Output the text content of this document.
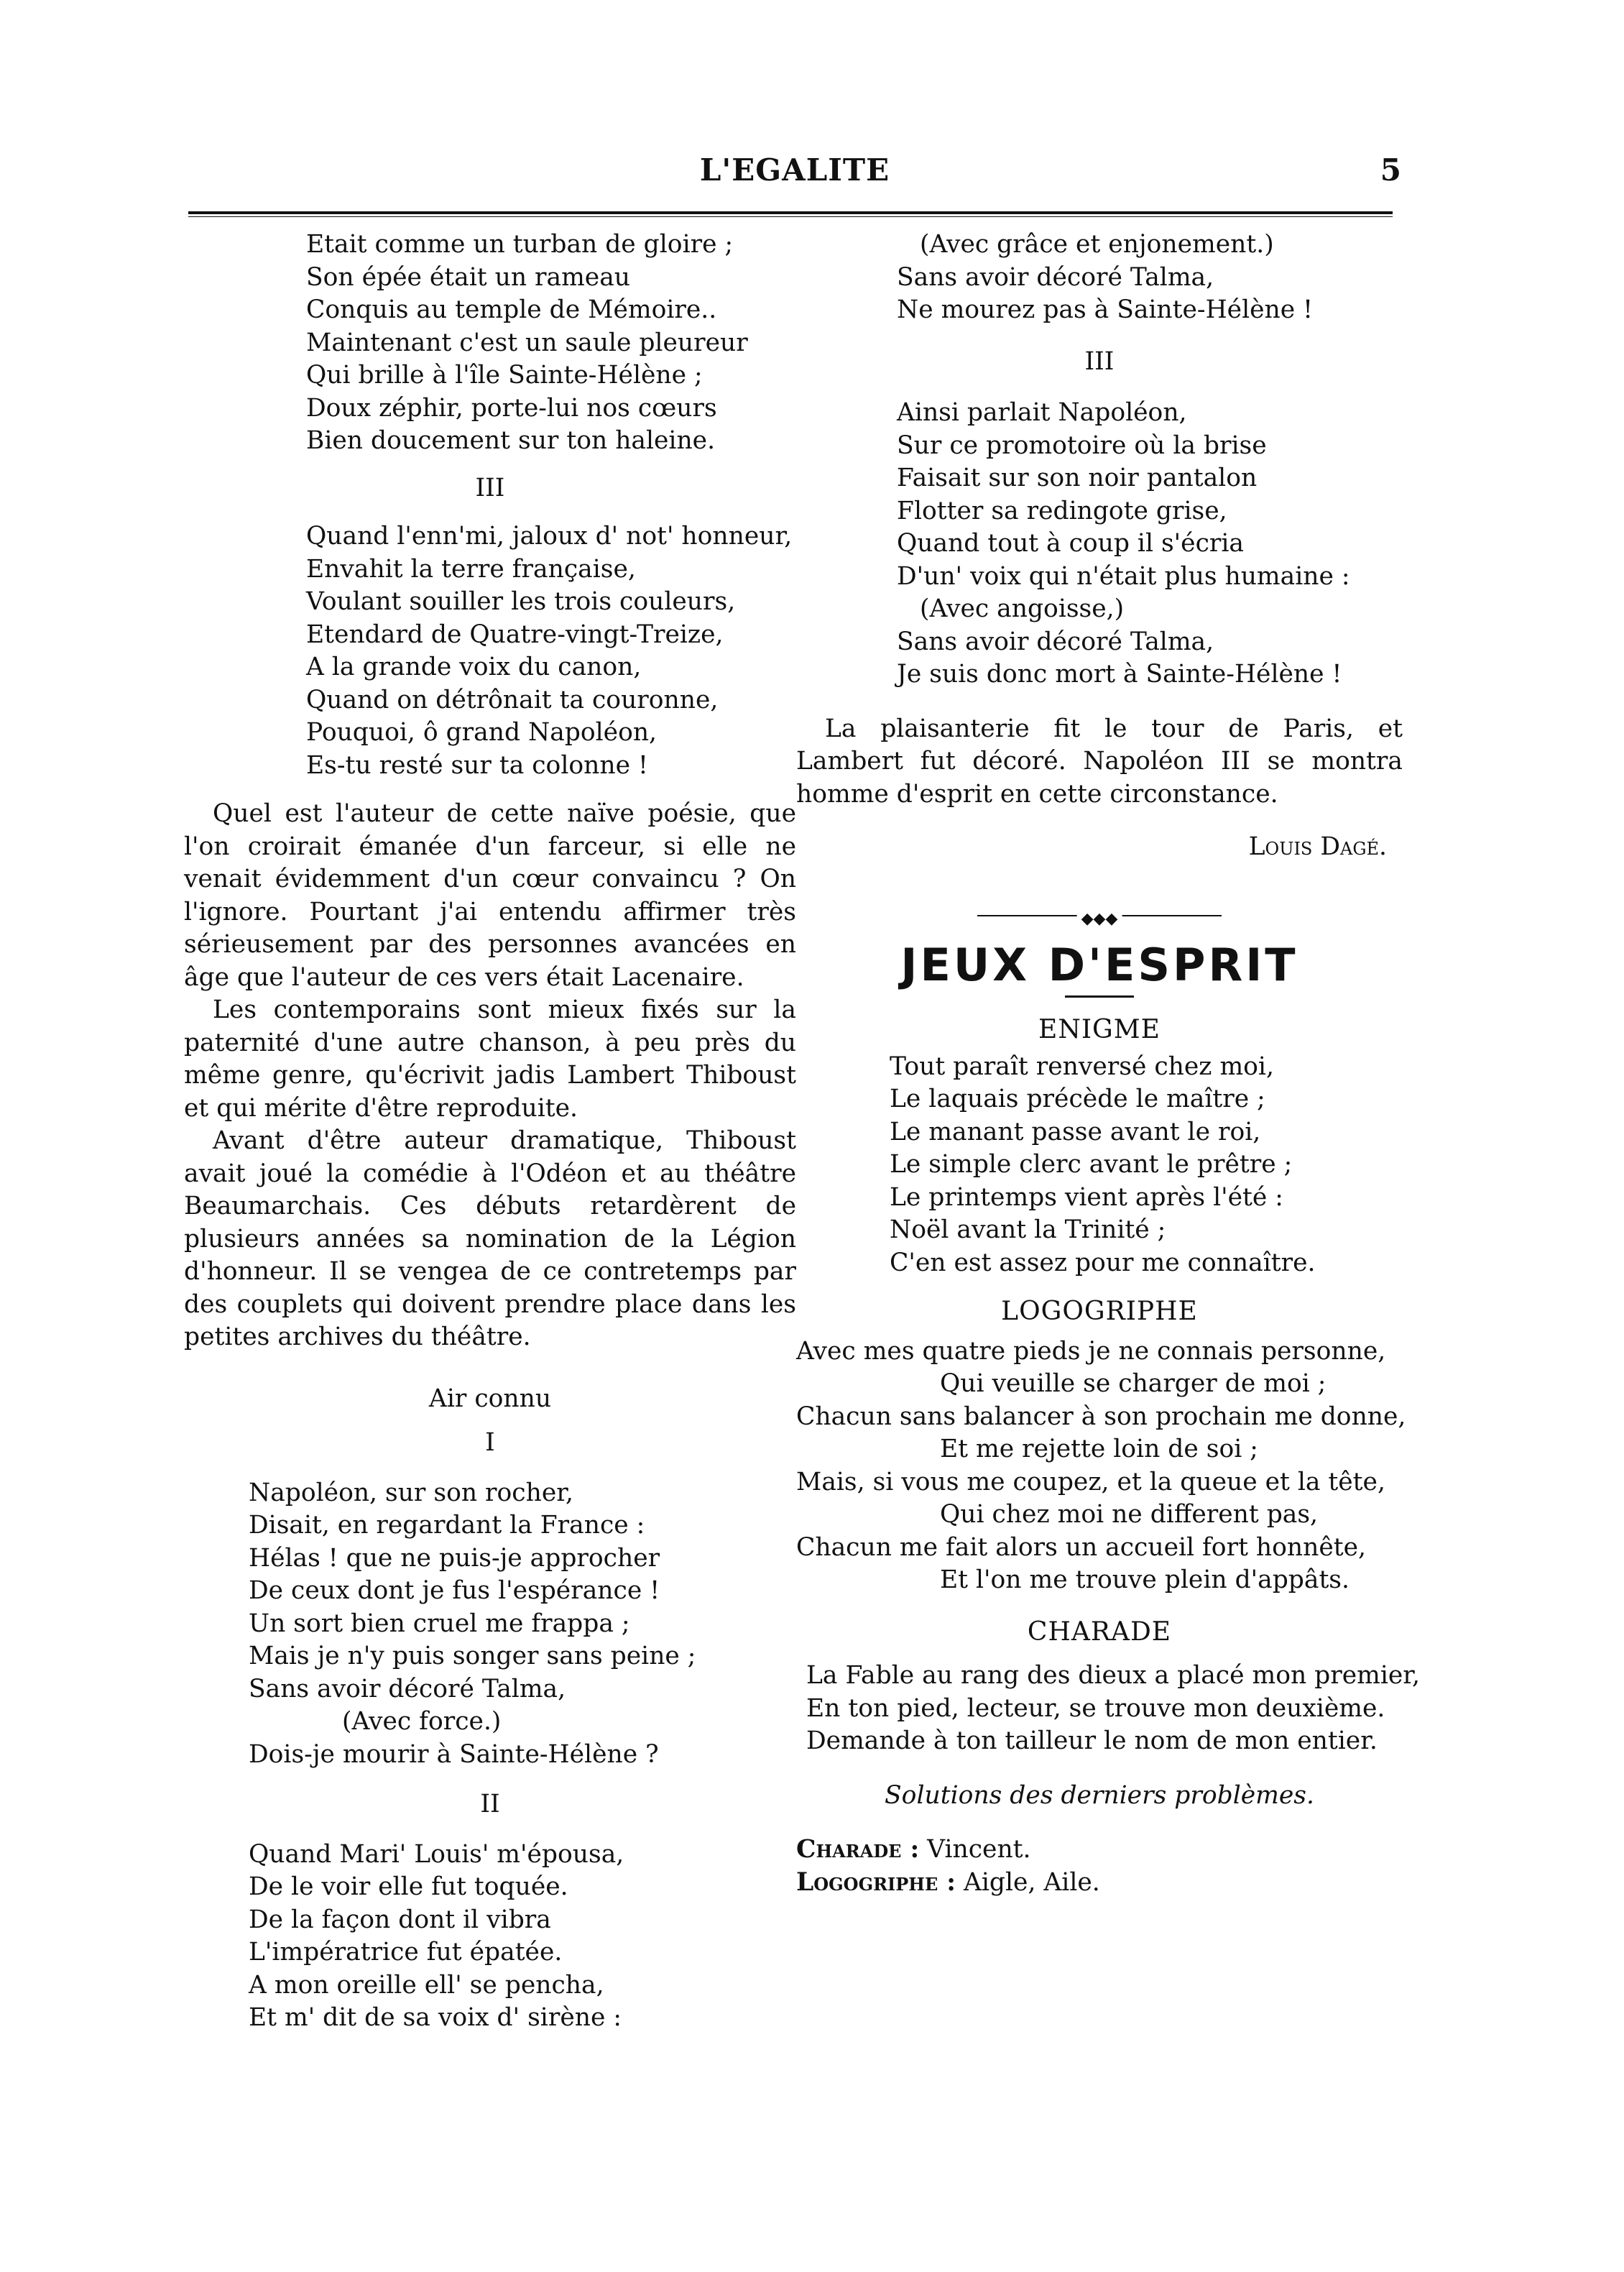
L'EGALITE	5
Etait comme un turban de gloire ;
Son épée était un rameau
Conquis au temple de Mémoire..
Maintenant c'est un saule pleureur
Qui brille à l'île Sainte-Hélène ;
Doux zéphir, porte-lui nos cœurs
Bien doucement sur ton haleine.
III
Quand l'enn'mi, jaloux d' not' honneur,
Envahit la terre française,
Voulant souiller les trois couleurs,
Etendard de Quatre-vingt-Treize,
A la grande voix du canon,
Quand on détrônait ta couronne,
Pouquoi, ô grand Napoléon,
Es-tu resté sur ta colonne !

Quel est l'auteur de cette naïve poésie, que l'on croirait émanée d'un farceur, si elle ne venait évidemment d'un cœur convaincu ? On l'ignore. Pourtant j'ai entendu affirmer très sérieusement par des personnes avancées en âge que l'auteur de ces vers était Lacenaire.

Les contemporains sont mieux fixés sur la paternité d'une autre chanson, à peu près du même genre, qu'écrivit jadis Lambert Thiboust et qui mérite d'être reproduite.

Avant d'être auteur dramatique, Thiboust avait joué la comédie à l'Odéon et au théâtre Beaumarchais. Ces débuts retardèrent de plusieurs années sa nomination de la Légion d'honneur. Il se vengea de ce contretemps par des couplets qui doivent prendre place dans les petites archives du théâtre.

Air connu
I
Napoléon, sur son rocher,
Disait, en regardant la France :
Hélas ! que ne puis-je approcher
De ceux dont je fus l'espérance !
Un sort bien cruel me frappa ;
Mais je n'y puis songer sans peine ;
Sans avoir décoré Talma,
(Avec force.)
Dois-je mourir à Sainte-Hélène ?
II
Quand Mari' Louis' m'épousa,
De le voir elle fut toquée.
De la façon dont il vibra
L'impératrice fut épatée.
A mon oreille ell' se pencha,
Et m' dit de sa voix d' sirène :
(Avec grâce et enjonement.)
Sans avoir décoré Talma,
Ne mourez pas à Sainte-Hélène !
III
Ainsi parlait Napoléon,
Sur ce promotoire où la brise
Faisait sur son noir pantalon
Flotter sa redingote grise,
Quand tout à coup il s'écria
D'un' voix qui n'était plus humaine :
(Avec angoisse,)
Sans avoir décoré Talma,
Je suis donc mort à Sainte-Hélène !

La plaisanterie fit le tour de Paris, et Lambert fut décoré. Napoléon III se montra homme d'esprit en cette circonstance.

Louis Dagé.
◆◆◆
JEUX D'ESPRIT
ENIGME
Tout paraît renversé chez moi,
Le laquais précède le maître ;
Le manant passe avant le roi,
Le simple clerc avant le prêtre ;
Le printemps vient après l'été :
Noël avant la Trinité ;
C'en est assez pour me connaître.
LOGOGRIPHE
Avec mes quatre pieds je ne connais personne,
Qui veuille se charger de moi ;
Chacun sans balancer à son prochain me donne,
Et me rejette loin de soi ;
Mais, si vous me coupez, et la queue et la tête,
Qui chez moi ne different pas,
Chacun me fait alors un accueil fort honnête,
Et l'on me trouve plein d'appâts.
CHARADE
La Fable au rang des dieux a placé mon premier,
En ton pied, lecteur, se trouve mon deuxième.
Demande à ton tailleur le nom de mon entier.
Solutions des derniers problèmes.
Charade : Vincent.
Logogriphe : Aigle, Aile.
